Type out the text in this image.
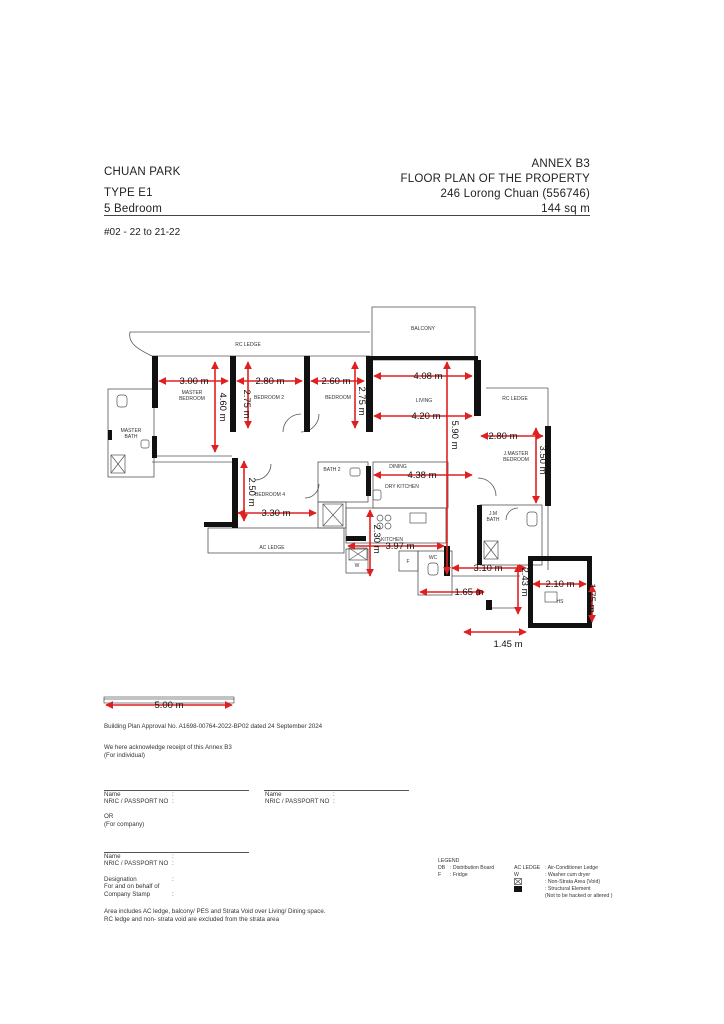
CHUAN PARK
TYPE E1
5 Bedroom
ANNEX B3
FLOOR PLAN OF THE PROPERTY
246 Lorong Chuan (556746)
144 sq m
#02 - 22 to 21-22
BALCONY
RC LEDGE
RC LEDGE
MASTER
BEDROOM
MASTER
BATH
BEDROOM 2	BEDROOM	LIVING
DINING
DRY KITCHEN
J.MASTER
BEDROOM
BEDROOM 4
BATH 2
J.M
BATH
KITCHEN
AC LEDGE
HS
WC
W
F
3.00 m
4.60 m
2.80 m
2.75 m
2.60 m
2.75 m
4.08 m
4.20 m
5.90 m
4.38 m
2.80 m
3.50 m
2.50 m
3.30 m
2.30 m 3.97 m
3.10 m 2.43 m 2.10 m 1.75 m
1.65 m
1.45 m
5.00 m
Building Plan Approval No. A1698-00764-2022-BP02 dated 24 September 2024
We here acknowledge receipt of this Annex B3
(For individual)
Name
NRIC / PASSPORT NO
:
:
Name
NRIC / PASSPORT NO
:
:
OR
(For company)
Name
NRIC / PASSPORT NO
:
:
Designation
For and on behalf of
Company Stamp
:
:
LEGEND
DB : Distribution Board
F : Fridge
AC LEDGE : Air-Conditioner Ledge
W	: Washer cum dryer
: Non-Strata Area (Void)
: Structural Element
(Not to be hacked or altered )
Area includes AC ledge, balcony/ PES and Strata Void over Living/ Dining space.
RC ledge and non- strata void are excluded from the strata area
